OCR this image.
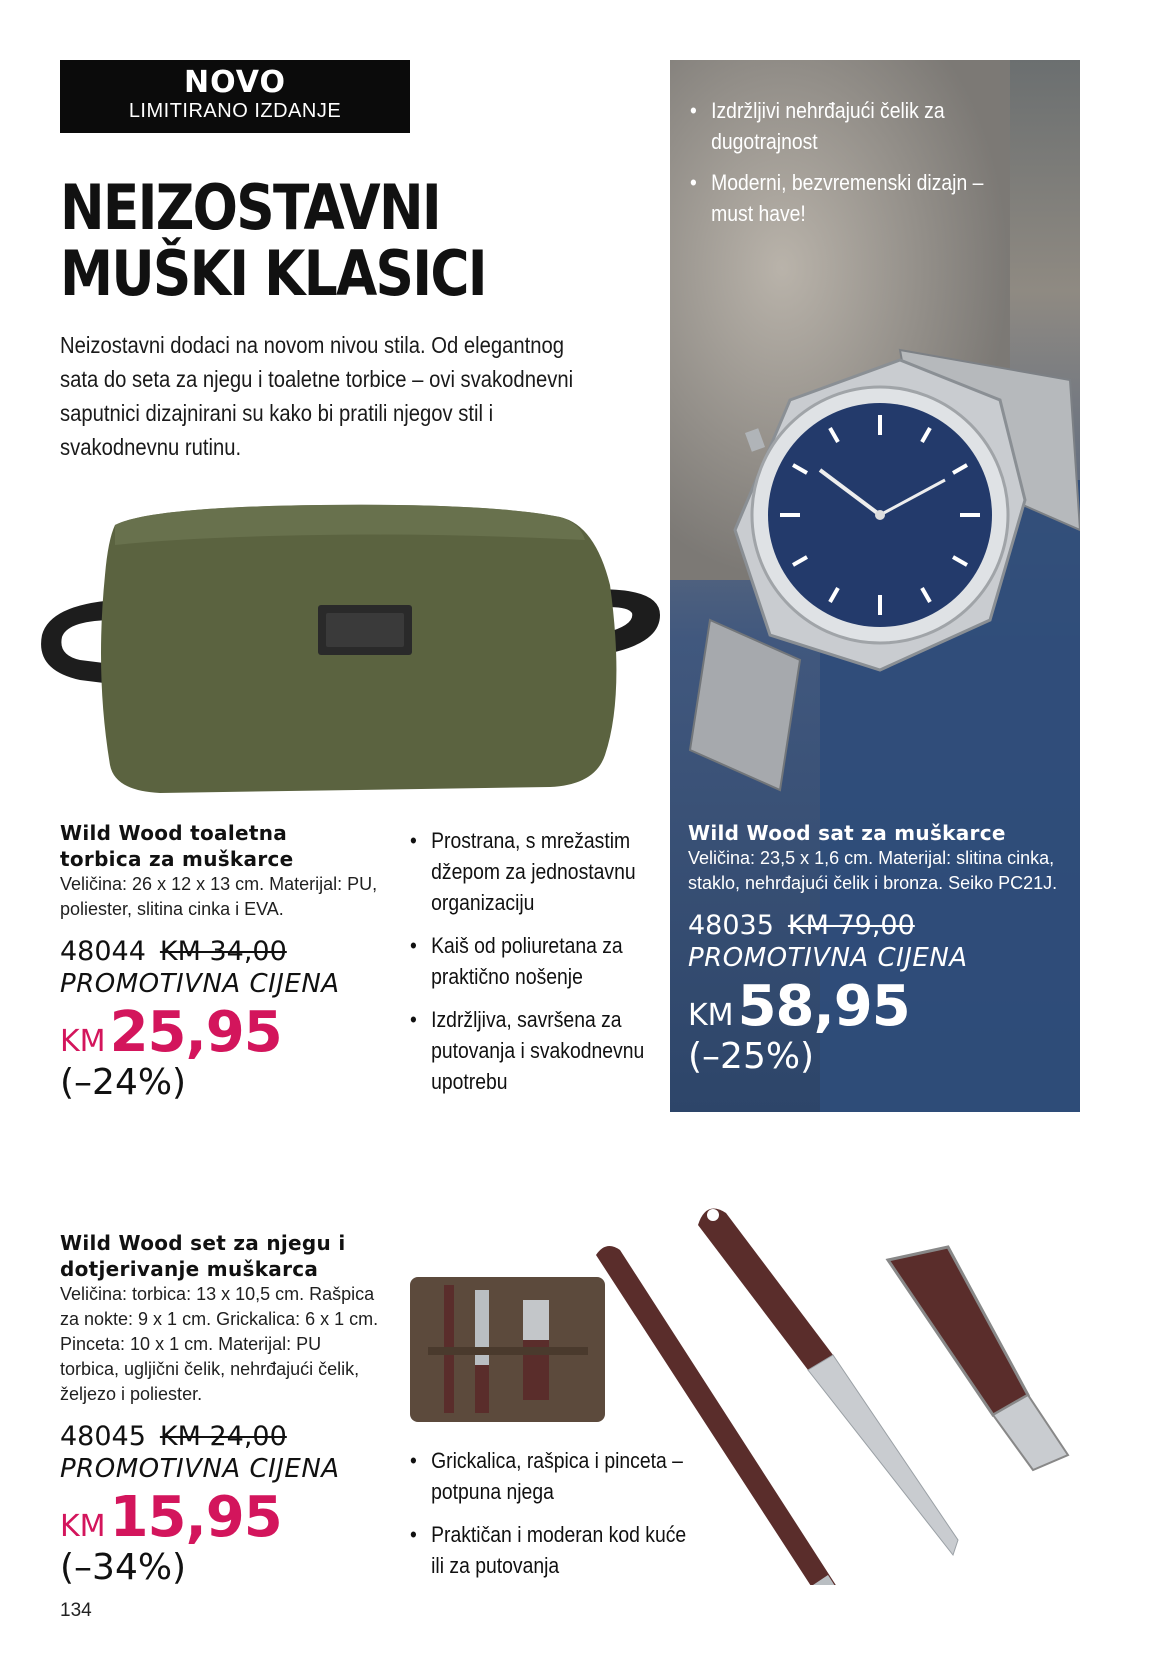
NOVO
LIMITIRANO IZDANJE
NEIZOSTAVNI
MUŠKI KLASICI
Neizostavni dodaci na novom nivou stila. Od elegantnog sata do seta za njegu i toaletne torbice – ovi svakodnevni saputnici dizajnirani su kako bi pratili njegov stil i svakodnevnu rutinu.
• Izdržljivi nehrđajući čelik za dugotrajnost
• Moderni, bezvremenski dizajn – must have!
Wild Wood sat za muškarce
Veličina: 23,5 x 1,6 cm. Materijal: slitina cinka, staklo, nehrđajući čelik i bronza. Seiko PC21J.
48035 KM 79,00
PROMOTIVNA CIJENA
KM58,95
(–25%)
Wild Wood toaletna
torbica za muškarce
Veličina: 26 x 12 x 13 cm. Materijal: PU, poliester, slitina cinka i EVA.
48044 KM 34,00
PROMOTIVNA CIJENA
KM25,95
(–24%)
• Prostrana, s mrežastim džepom za jednostavnu organizaciju
• Kaiš od poliuretana za praktično nošenje
• Izdržljiva, savršena za putovanja i svakodnevnu upotrebu
Wild Wood set za njegu i
dotjerivanje muškarca
Veličina: torbica: 13 x 10,5 cm. Rašpica za nokte: 9 x 1 cm. Grickalica: 6 x 1 cm. Pinceta: 10 x 1 cm. Materijal: PU torbica, ugljični čelik, nehrđajući čelik, željezo i poliester.
48045 KM 24,00
PROMOTIVNA CIJENA
KM15,95
(–34%)
• Grickalica, rašpica i pinceta – potpuna njega
• Praktičan i moderan kod kuće ili za putovanja
134
